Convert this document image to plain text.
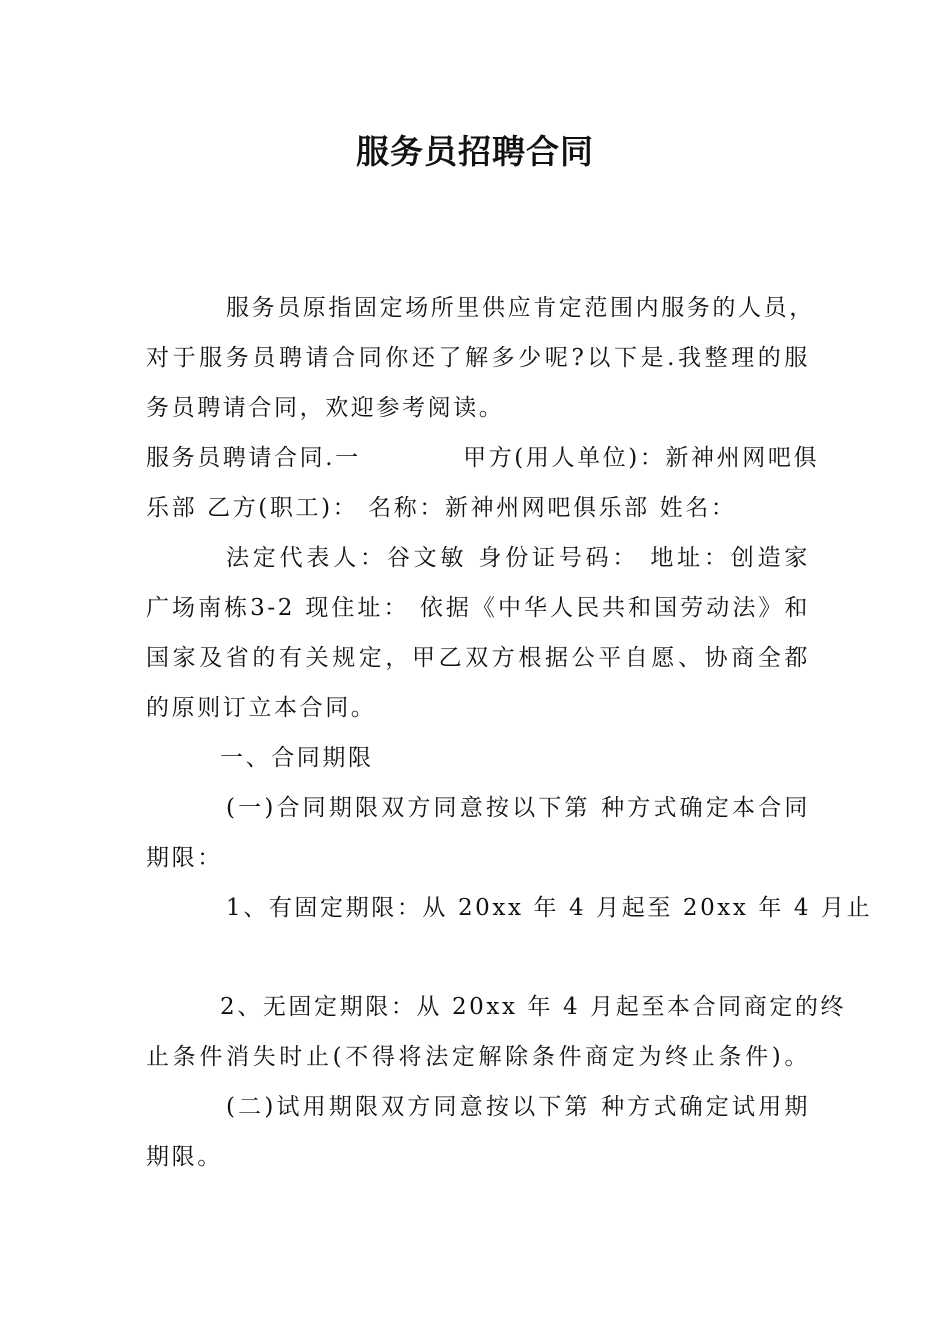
服务员招聘合同

服务员原指固定场所里供应肯定范围内服务的人员，

对于服务员聘请合同你还了解多少呢?以下是.我整理的服

务员聘请合同，欢迎参考阅读。

服务员聘请合同.一　　　　甲方(用人单位)：新神州网吧俱

乐部 乙方(职工)： 名称：新神州网吧俱乐部 姓名：

法定代表人：谷文敏 身份证号码： 地址：创造家

广场南栋3-2 现住址： 依据《中华人民共和国劳动法》和

国家及省的有关规定，甲乙双方根据公平自愿、协商全都

的原则订立本合同。

一、合同期限

(一)合同期限双方同意按以下第 种方式确定本合同

期限：

1、有固定期限：从 20xx 年 4 月起至 20xx 年 4 月止

2、无固定期限：从 20xx 年 4 月起至本合同商定的终

止条件消失时止(不得将法定解除条件商定为终止条件)。

(二)试用期限双方同意按以下第 种方式确定试用期

期限。
